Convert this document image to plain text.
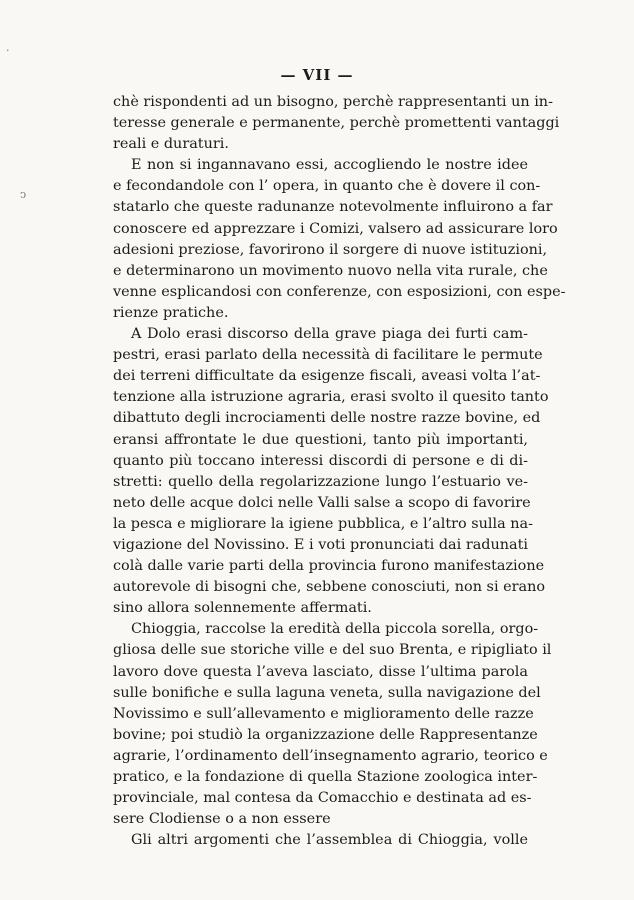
— VII —
chè rispondenti ad un bisogno, perchè rappresentanti un in-
teresse generale e permanente, perchè promettenti vantaggi
reali e duraturi.
E non si ingannavano essi, accogliendo le nostre idee
e fecondandole con l’ opera, in quanto che è dovere il con-
statarlo che queste radunanze notevolmente influirono a far
conoscere ed apprezzare i Comizi, valsero ad assicurare loro
adesioni preziose, favorirono il sorgere di nuove istituzioni,
e determinarono un movimento nuovo nella vita rurale, che
venne esplicandosi con conferenze, con esposizioni, con espe-
rienze pratiche.
A Dolo erasi discorso della grave piaga dei furti cam-
pestri, erasi parlato della necessità di facilitare le permute
dei terreni difficultate da esigenze fiscali, aveasi volta l’at-
tenzione alla istruzione agraria, erasi svolto il quesito tanto
dibattuto degli incrociamenti delle nostre razze bovine, ed
eransi affrontate le due questioni, tanto più importanti,
quanto più toccano interessi discordi di persone e di di-
stretti: quello della regolarizzazione lungo l’estuario ve-
neto delle acque dolci nelle Valli salse a scopo di favorire
la pesca e migliorare la igiene pubblica, e l’altro sulla na-
vigazione del Novissino. E i voti pronunciati dai radunati
colà dalle varie parti della provincia furono manifestazione
autorevole di bisogni che, sebbene conosciuti, non si erano
sino allora solennemente affermati.
Chioggia, raccolse la eredità della piccola sorella, orgo-
gliosa delle sue storiche ville e del suo Brenta, e ripigliato il
lavoro dove questa l’aveva lasciato, disse l’ultima parola
sulle bonifiche e sulla laguna veneta, sulla navigazione del
Novissimo e sull’allevamento e miglioramento delle razze
bovine; poi studiò la organizzazione delle Rappresentanze
agrarie, l’ordinamento dell’insegnamento agrario, teorico e
pratico, e la fondazione di quella Stazione zoologica inter-
provinciale, mal contesa da Comacchio e destinata ad es-
sere Clodiense o a non essere
Gli altri argomenti che l’assemblea di Chioggia, volle
·
ↄ
